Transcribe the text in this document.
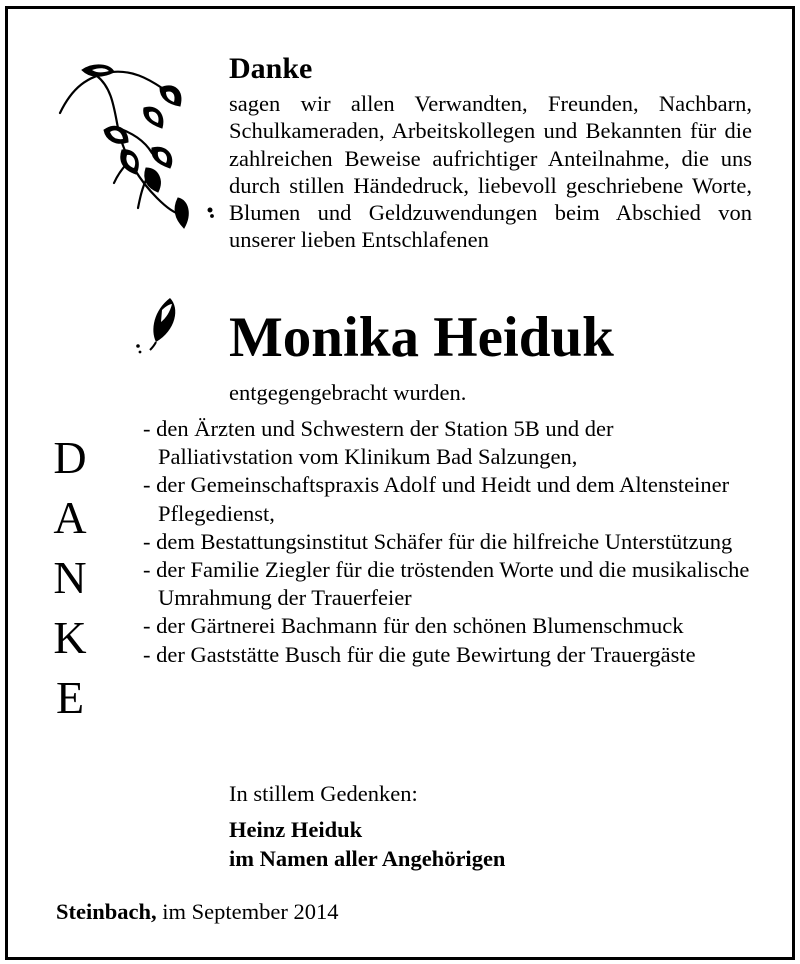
Danke
sagen wir allen Verwandten, Freunden, Nachbarn, Schulkameraden, Arbeitskollegen und Bekannten für die zahlreichen Beweise aufrichtiger Anteilnahme, die uns durch stillen Händedruck, liebevoll geschriebene Worte, Blumen und Geldzuwendungen beim Abschied von unserer lieben Entschlafenen
Monika Heiduk
entgegengebracht wurden.
D
A
N
K
E
- den Ärzten und Schwestern der Station 5B und der Palliativstation vom Klinikum Bad Salzungen,
- der Gemeinschaftspraxis Adolf und Heidt und dem Altensteiner Pflegedienst,
- dem Bestattungsinstitut Schäfer für die hilfreiche Unterstützung
- der Familie Ziegler für die tröstenden Worte und die musikalische Umrahmung der Trauerfeier
- der Gärtnerei Bachmann für den schönen Blumenschmuck
- der Gaststätte Busch für die gute Bewirtung der Trauergäste
In stillem Gedenken:
Heinz Heiduk
im Namen aller Angehörigen
Steinbach, im September 2014
